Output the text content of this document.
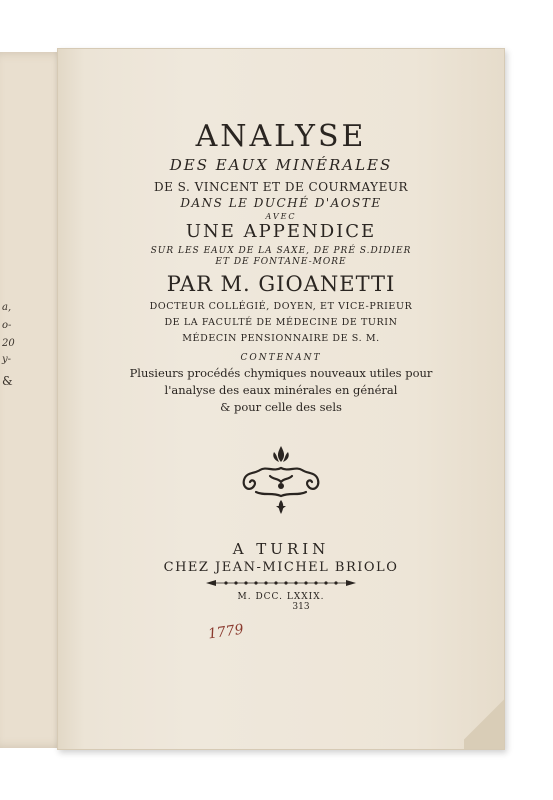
a,
o-
20
y-
&
ANALYSE
DES EAUX MINÉRALES
DE S. VINCENT ET DE COURMAYEUR
DANS LE DUCHÉ D'AOSTE
AVEC
UNE APPENDICE
SUR LES EAUX DE LA SAXE, DE PRÉ S.DIDIER
ET DE FONTANE-MORE
PAR M. GIOANETTI
DOCTEUR COLLÉGIÉ, DOYEN, ET VICE-PRIEUR
DE LA FACULTÉ DE MÉDECINE DE TURIN
MÉDECIN PENSIONNAIRE DE S. M.
CONTENANT
Plusieurs procédés chymiques nouveaux utiles pour
l'analyse des eaux minérales en général
& pour celle des sels
A TURIN
CHEZ JEAN-MICHEL BRIOLO
M. DCC. LXXIX.
313
1779
